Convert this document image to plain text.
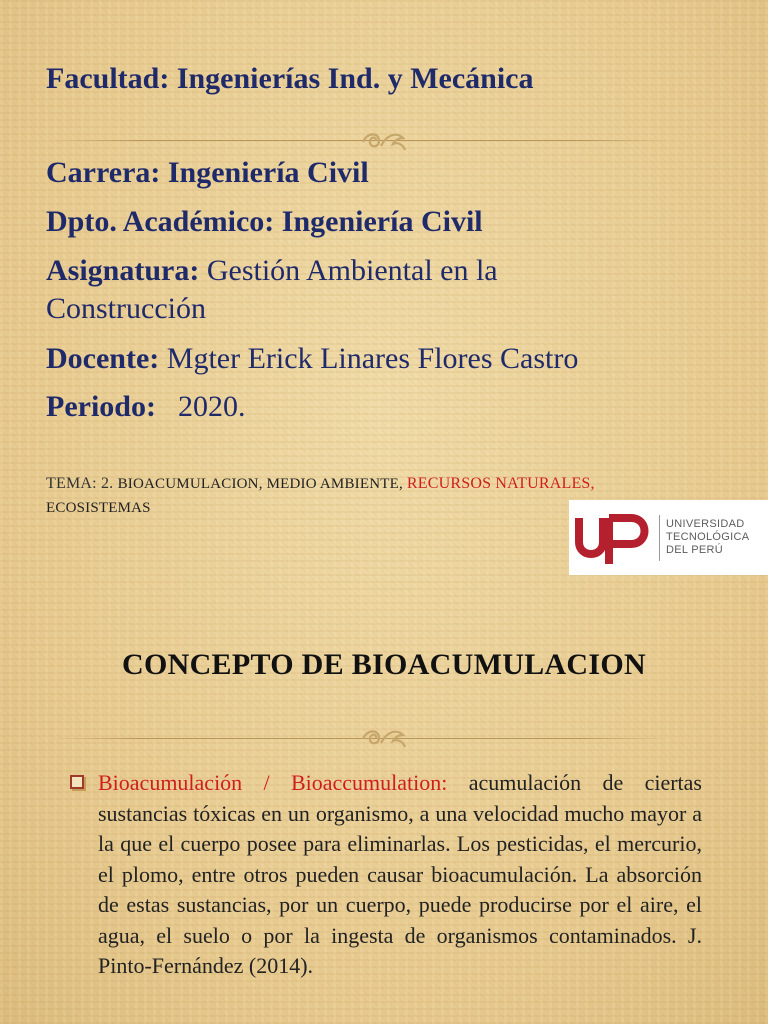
Facultad: Ingenierías Ind. y Mecánica
Carrera: Ingeniería Civil
Dpto. Académico: Ingeniería Civil
Asignatura: Gestión Ambiental en la
Construcción
Docente: Mgter Erick Linares Flores Castro
Periodo: 2020.
TEMA: 2. BIOACUMULACION, MEDIO AMBIENTE, RECURSOS NATURALES, ECOSISTEMAS
UNIVERSIDAD
TECNOLÓGICA
DEL PERÚ
CONCEPTO DE BIOACUMULACION
Bioacumulación / Bioaccumulation: acumulación de ciertas sustancias tóxicas en un organismo, a una velocidad mucho mayor a la que el cuerpo posee para eliminarlas. Los pesticidas, el mercurio, el plomo, entre otros pueden causar bioacumulación. La absorción de estas sustancias, por un cuerpo, puede producirse por el aire, el agua, el suelo o por la ingesta de organismos contaminados. J. Pinto-Fernández (2014).
